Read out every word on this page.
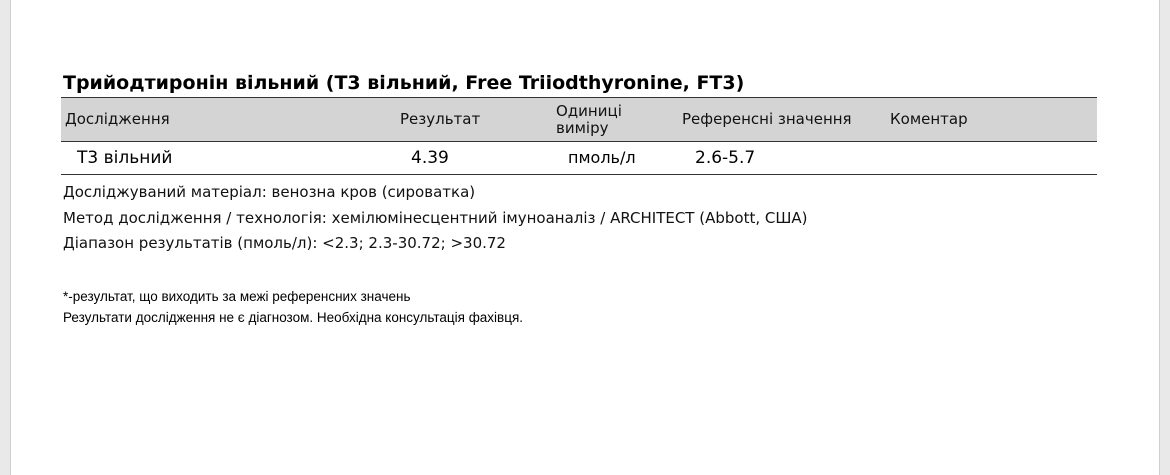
Трийодтиронін вільний (Т3 вільний, Free Triiodthyronine, FT3)
Дослідження	Результат	Одиниці виміру	Референсні значення	Коментар
Т3 вільний	4.39	пмоль/л	2.6-5.7
Досліджуваний матеріал: венозна кров (сироватка)
Метод дослідження / технологія: хемілюмінесцентний імуноаналіз / ARCHITECT (Abbott, США)
Діапазон результатів (пмоль/л): <2.3; 2.3-30.72; >30.72
*-результат, що виходить за межі референсних значень
Результати дослідження не є діагнозом. Необхідна консультація фахівця.
